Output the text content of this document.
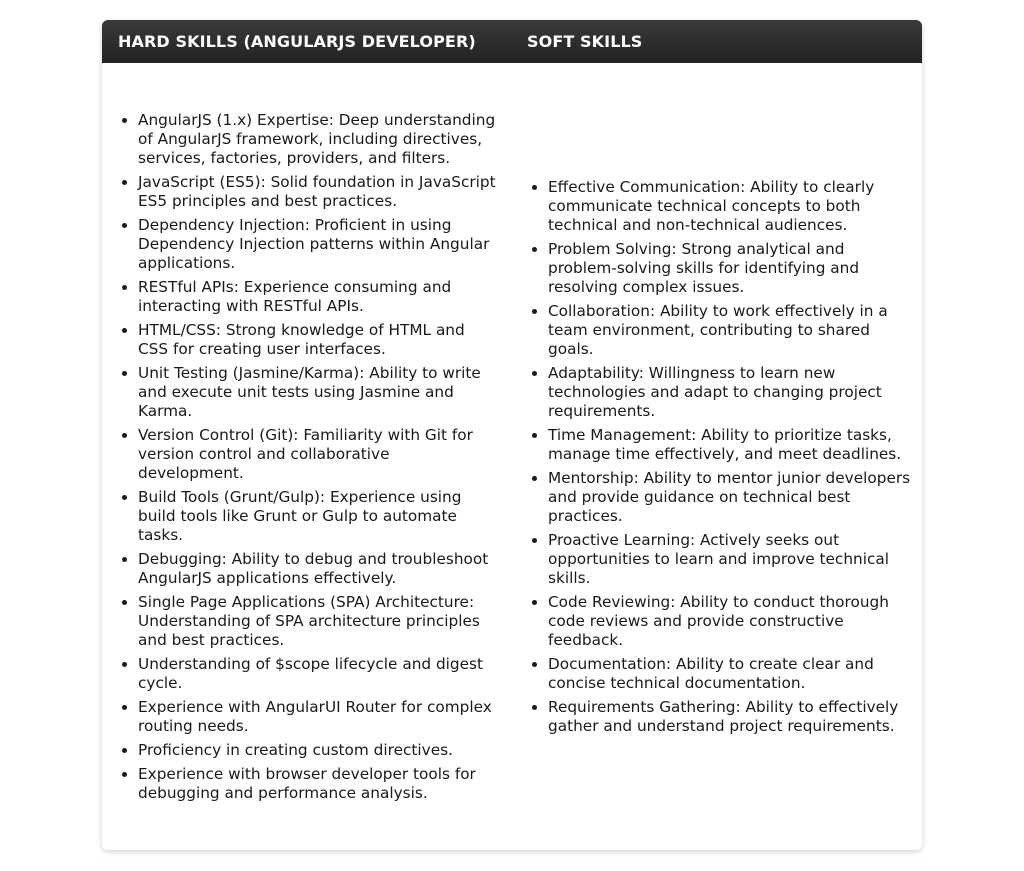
HARD SKILLS (ANGULARJS DEVELOPER)	SOFT SKILLS
• AngularJS (1.x) Expertise: Deep understanding of AngularJS framework, including directives, services, factories, providers, and filters.
• JavaScript (ES5): Solid foundation in JavaScript ES5 principles and best practices.
• Dependency Injection: Proficient in using Dependency Injection patterns within Angular applications.
• RESTful APIs: Experience consuming and interacting with RESTful APIs.
• HTML/CSS: Strong knowledge of HTML and CSS for creating user interfaces.
• Unit Testing (Jasmine/Karma): Ability to write and execute unit tests using Jasmine and Karma.
• Version Control (Git): Familiarity with Git for version control and collaborative development.
• Build Tools (Grunt/Gulp): Experience using build tools like Grunt or Gulp to automate tasks.
• Debugging: Ability to debug and troubleshoot AngularJS applications effectively.
• Single Page Applications (SPA) Architecture: Understanding of SPA architecture principles and best practices.
• Understanding of $scope lifecycle and digest cycle.
• Experience with AngularUI Router for complex routing needs.
• Proficiency in creating custom directives.
• Experience with browser developer tools for debugging and performance analysis.
• Effective Communication: Ability to clearly communicate technical concepts to both technical and non-technical audiences.
• Problem Solving: Strong analytical and problem-solving skills for identifying and resolving complex issues.
• Collaboration: Ability to work effectively in a team environment, contributing to shared goals.
• Adaptability: Willingness to learn new technologies and adapt to changing project requirements.
• Time Management: Ability to prioritize tasks, manage time effectively, and meet deadlines.
• Mentorship: Ability to mentor junior developers and provide guidance on technical best practices.
• Proactive Learning: Actively seeks out opportunities to learn and improve technical skills.
• Code Reviewing: Ability to conduct thorough code reviews and provide constructive feedback.
• Documentation: Ability to create clear and concise technical documentation.
• Requirements Gathering: Ability to effectively gather and understand project requirements.
